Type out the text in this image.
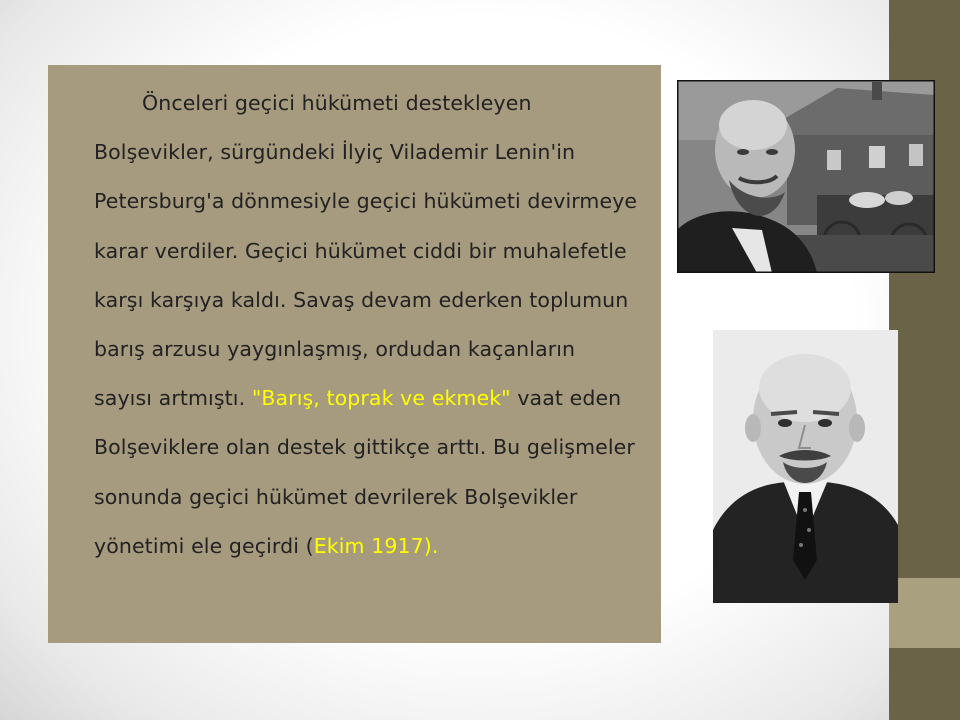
Önceleri geçici hükümeti destekleyen Bolşevikler, sürgündeki İlyiç Vilademir Lenin'in Petersburg'a dönmesiyle geçici hükümeti devirmeye karar verdiler. Geçici hükümet ciddi bir muhalefetle karşı karşıya kaldı. Savaş devam ederken toplumun barış arzusu yaygınlaşmış, ordudan kaçanların sayısı artmıştı. "Barış, toprak ve ekmek" vaat eden Bolşeviklere olan destek gittikçe arttı. Bu gelişmeler sonunda geçici hükümet devrilerek Bolşevikler yönetimi ele geçirdi (Ekim 1917).
